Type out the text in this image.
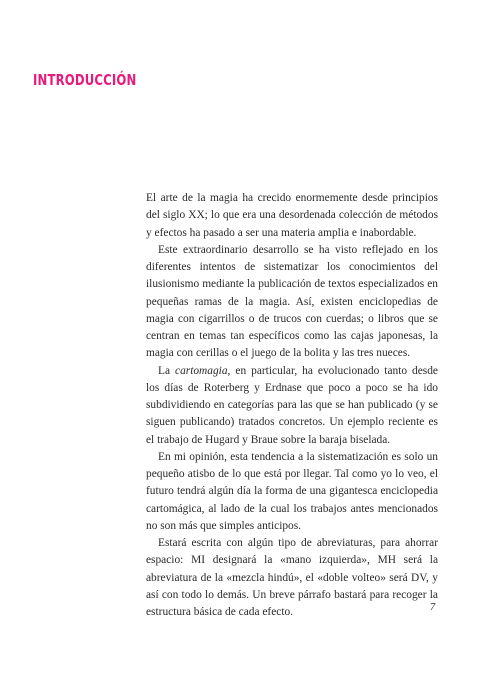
INTRODUCCIÓN

El arte de la magia ha crecido enormemente desde principios del siglo XX; lo que era una desordenada colección de métodos y efectos ha pasado a ser una materia amplia e inabordable.

Este extraordinario desarrollo se ha visto reflejado en los diferentes intentos de sistematizar los conocimientos del ilusionismo mediante la publicación de textos especializados en pequeñas ramas de la magia. Así, existen enciclopedias de magia con cigarrillos o de trucos con cuerdas; o libros que se centran en temas tan específicos como las cajas japonesas, la magia con cerillas o el juego de la bolita y las tres nueces.

La cartomagia, en particular, ha evolucionado tanto desde los días de Roterberg y Erdnase que poco a poco se ha ido subdividiendo en categorías para las que se han publicado (y se siguen publicando) tratados concretos. Un ejemplo reciente es el trabajo de Hugard y Braue sobre la baraja biselada.

En mi opinión, esta tendencia a la sistematización es solo un pequeño atisbo de lo que está por llegar. Tal como yo lo veo, el futuro tendrá algún día la forma de una gigantesca enciclopedia cartomágica, al lado de la cual los trabajos antes mencionados no son más que simples anticipos.

Estará escrita con algún tipo de abreviaturas, para ahorrar espacio: MI designará la «mano izquierda», MH será la abreviatura de la «mezcla hindú», el «doble volteo» será DV, y así con todo lo demás. Un breve párrafo bastará para recoger la estructura básica de cada efecto.	7
